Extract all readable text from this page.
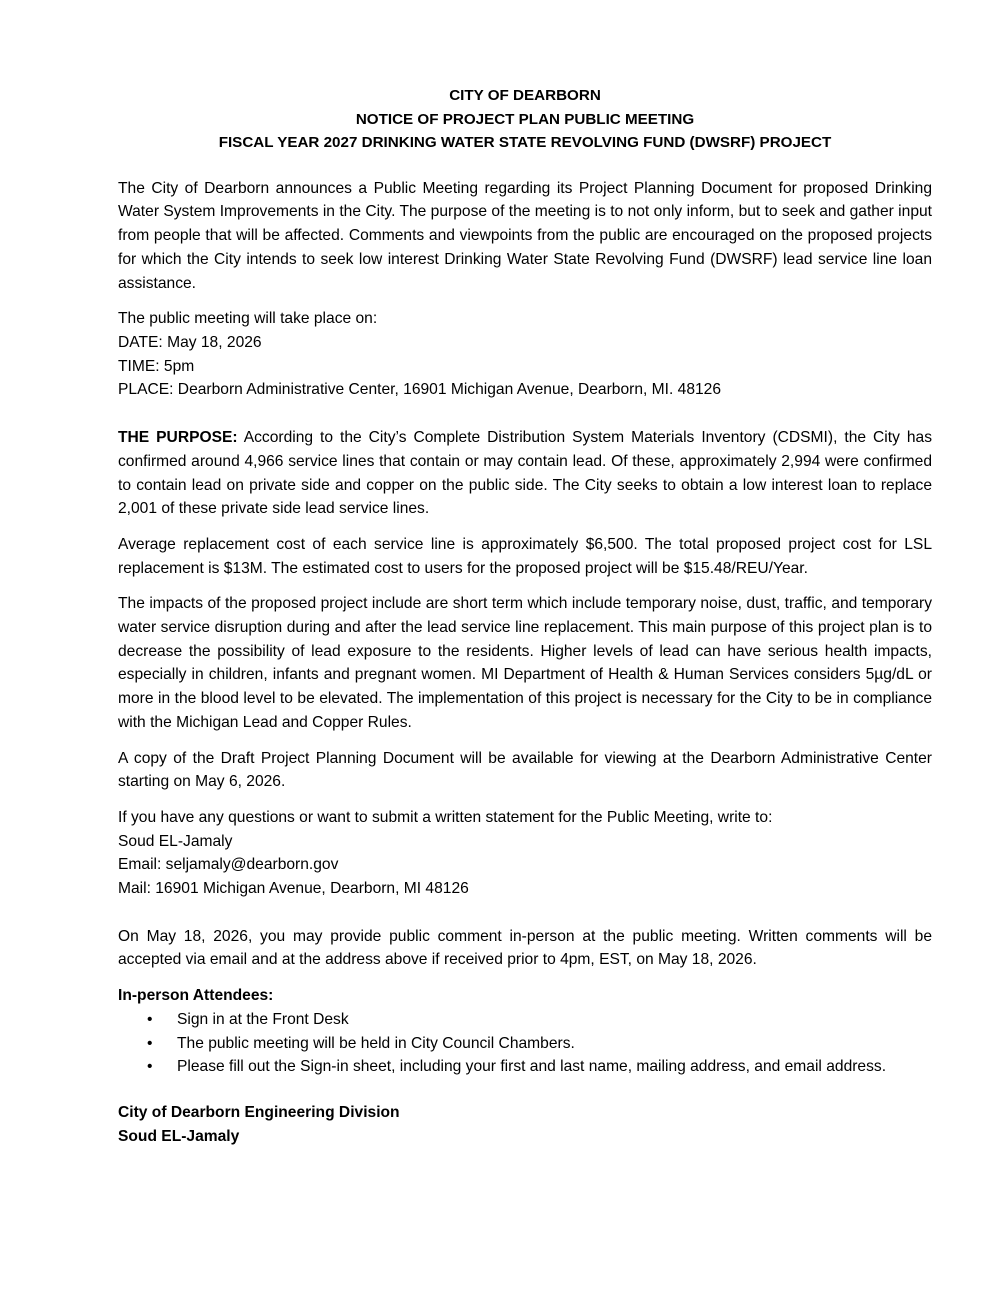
CITY OF DEARBORN
NOTICE OF PROJECT PLAN PUBLIC MEETING
FISCAL YEAR 2027 DRINKING WATER STATE REVOLVING FUND (DWSRF) PROJECT

The City of Dearborn announces a Public Meeting regarding its Project Planning Document for proposed Drinking Water System Improvements in the City. The purpose of the meeting is to not only inform, but to seek and gather input from people that will be affected. Comments and viewpoints from the public are encouraged on the proposed projects for which the City intends to seek low interest Drinking Water State Revolving Fund (DWSRF) lead service line loan assistance.

The public meeting will take place on:
DATE: May 18, 2026
TIME: 5pm
PLACE: Dearborn Administrative Center, 16901 Michigan Avenue, Dearborn, MI. 48126

THE PURPOSE: According to the City’s Complete Distribution System Materials Inventory (CDSMI), the City has confirmed around 4,966 service lines that contain or may contain lead. Of these, approximately 2,994 were confirmed to contain lead on private side and copper on the public side. The City seeks to obtain a low interest loan to replace 2,001 of these private side lead service lines.

Average replacement cost of each service line is approximately $6,500. The total proposed project cost for LSL replacement is $13M. The estimated cost to users for the proposed project will be $15.48/REU/Year.

The impacts of the proposed project include are short term which include temporary noise, dust, traffic, and temporary water service disruption during and after the lead service line replacement. This main purpose of this project plan is to decrease the possibility of lead exposure to the residents. Higher levels of lead can have serious health impacts, especially in children, infants and pregnant women. MI Department of Health & Human Services considers 5µg/dL or more in the blood level to be elevated. The implementation of this project is necessary for the City to be in compliance with the Michigan Lead and Copper Rules.

A copy of the Draft Project Planning Document will be available for viewing at the Dearborn Administrative Center starting on May 6, 2026.

If you have any questions or want to submit a written statement for the Public Meeting, write to:
Soud EL-Jamaly
Email: seljamaly@dearborn.gov
Mail: 16901 Michigan Avenue, Dearborn, MI 48126

On May 18, 2026, you may provide public comment in-person at the public meeting. Written comments will be accepted via email and at the address above if received prior to 4pm, EST, on May 18, 2026.

In-person Attendees:
• Sign in at the Front Desk
• The public meeting will be held in City Council Chambers.
• Please fill out the Sign-in sheet, including your first and last name, mailing address, and email address.
City of Dearborn Engineering Division
Soud EL-Jamaly
